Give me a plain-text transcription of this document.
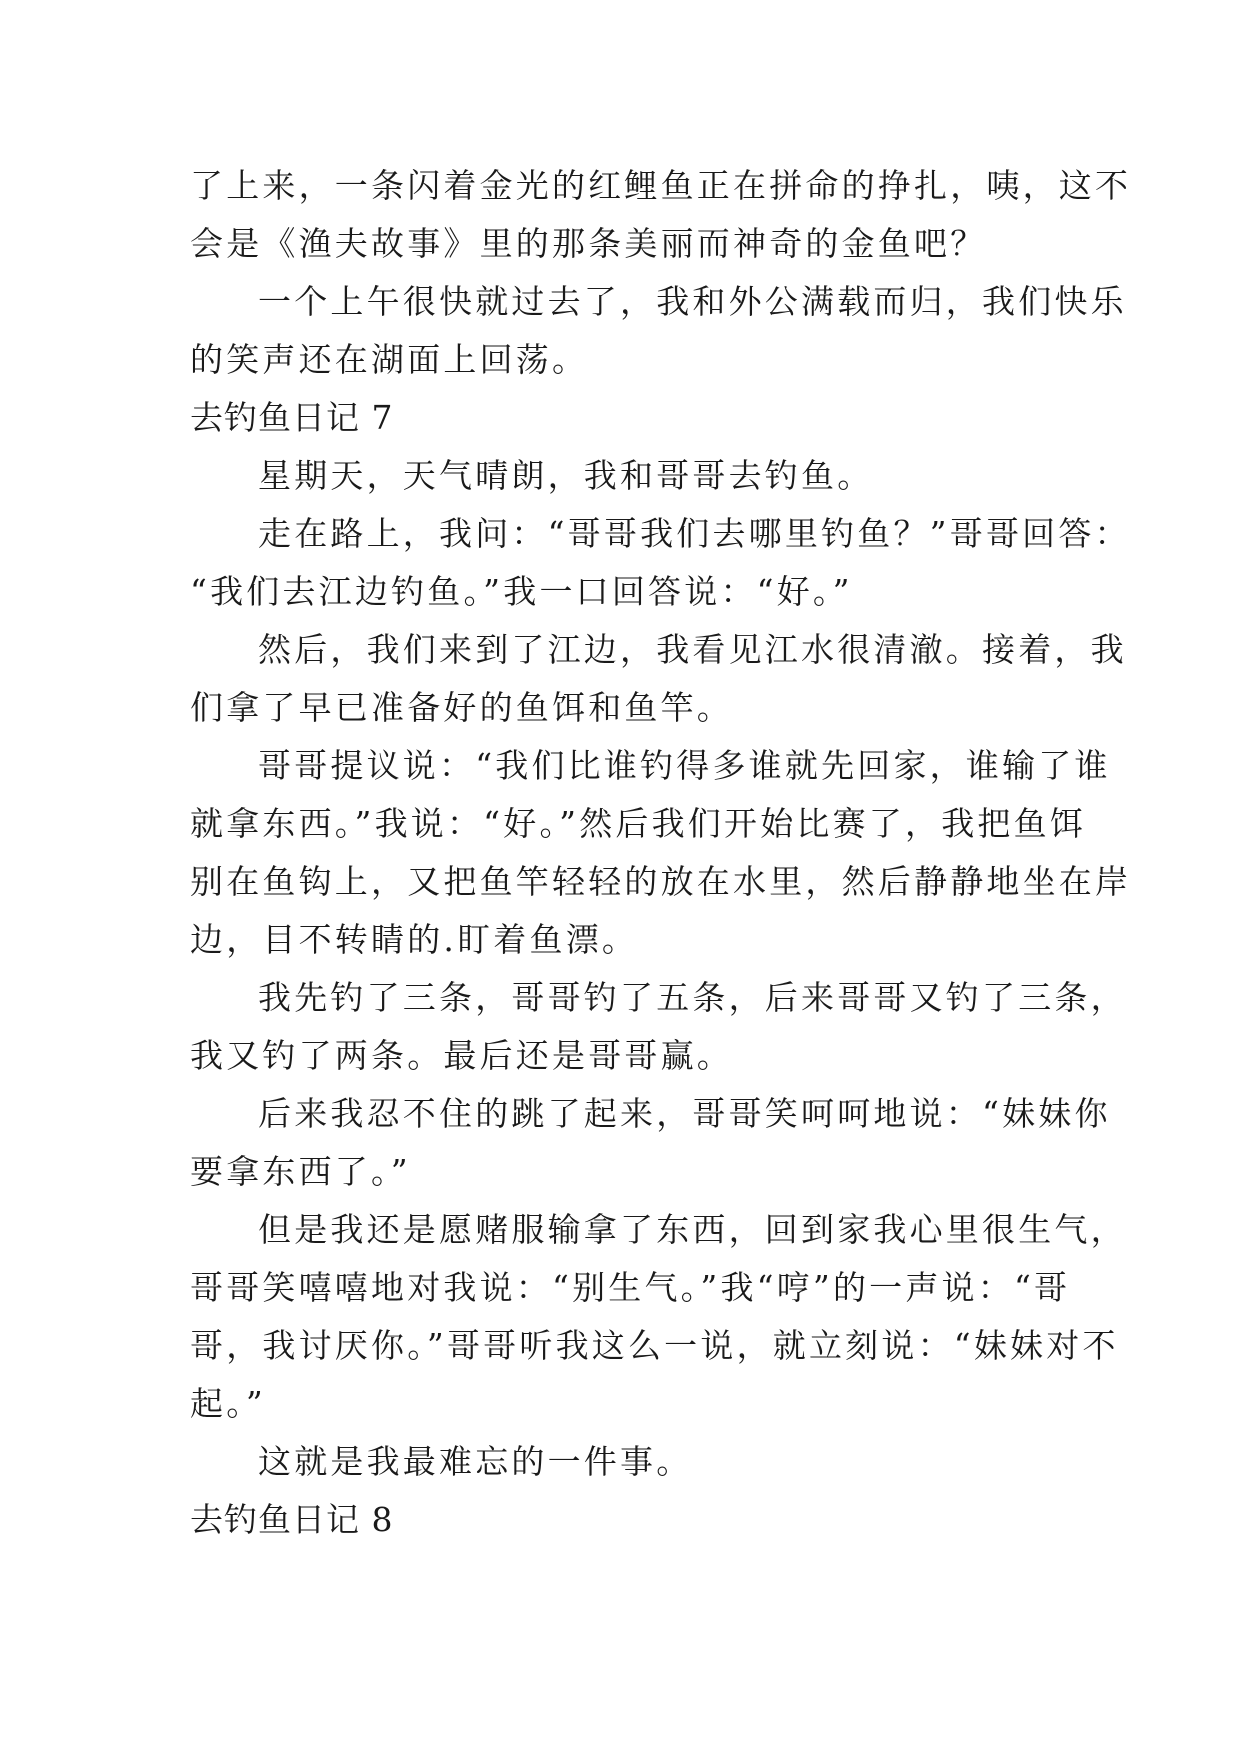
了上来，一条闪着金光的红鲤鱼正在拼命的挣扎，咦，这不
会是《渔夫故事》里的那条美丽而神奇的金鱼吧？
一个上午很快就过去了，我和外公满载而归，我们快乐
的笑声还在湖面上回荡。
去钓鱼日记 7
星期天，天气晴朗，我和哥哥去钓鱼。
走在路上，我问：“哥哥我们去哪里钓鱼？”哥哥回答：
“我们去江边钓鱼。”我一口回答说：“好。”
然后，我们来到了江边，我看见江水很清澈。接着，我
们拿了早已准备好的鱼饵和鱼竿。
哥哥提议说：“我们比谁钓得多谁就先回家，谁输了谁
就拿东西。”我说：“好。”然后我们开始比赛了，我把鱼饵
别在鱼钩上，又把鱼竿轻轻的放在水里，然后静静地坐在岸
边，目不转睛的.盯着鱼漂。
我先钓了三条，哥哥钓了五条，后来哥哥又钓了三条，
我又钓了两条。最后还是哥哥赢。
后来我忍不住的跳了起来，哥哥笑呵呵地说：“妹妹你
要拿东西了。”
但是我还是愿赌服输拿了东西，回到家我心里很生气，
哥哥笑嘻嘻地对我说：“别生气。”我“哼”的一声说：“哥
哥，我讨厌你。”哥哥听我这么一说，就立刻说：“妹妹对不
起。”
这就是我最难忘的一件事。
去钓鱼日记 8
